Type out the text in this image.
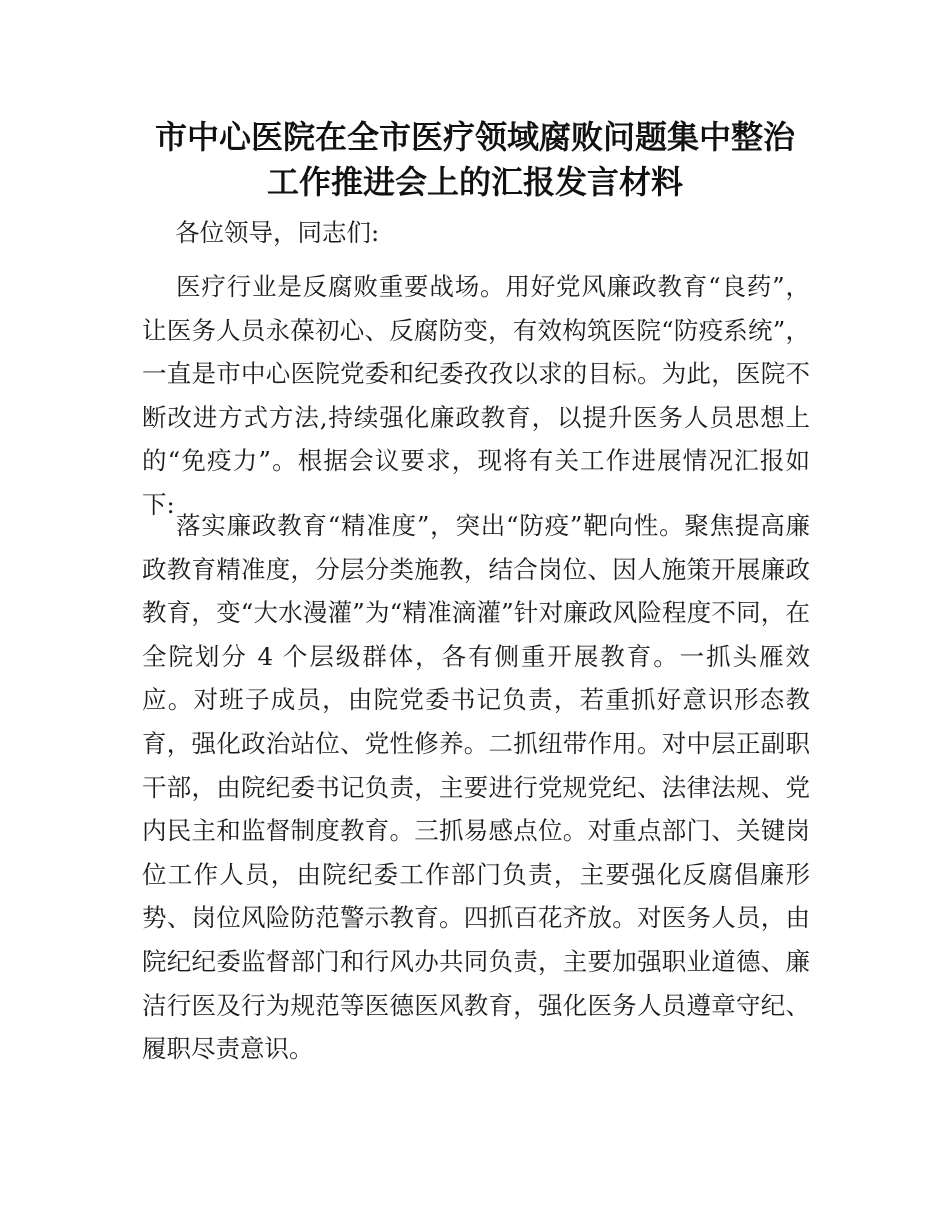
市中心医院在全市医疗领域腐败问题集中整治
工作推进会上的汇报发言材料
各位领导，同志们:
医疗行业是反腐败重要战场。用好党风廉政教育“良药”，让医务人员永葆初心、反腐防变，有效构筑医院“防疫系统”，一直是市中心医院党委和纪委孜孜以求的目标。为此，医院不断改进方式方法,持续强化廉政教育，以提升医务人员思想上的“免疫力”。根据会议要求，现将有关工作进展情况汇报如下:
落实廉政教育“精准度”，突出“防疫”靶向性。聚焦提高廉政教育精准度，分层分类施教，结合岗位、因人施策开展廉政教育，变“大水漫灌”为“精准滴灌”针对廉政风险程度不同，在全院划分 4 个层级群体，各有侧重开展教育。一抓头雁效应。对班子成员，由院党委书记负责，若重抓好意识形态教育，强化政治站位、党性修养。二抓纽带作用。对中层正副职干部，由院纪委书记负责，主要进行党规党纪、法律法规、党内民主和监督制度教育。三抓易感点位。对重点部门、关键岗位工作人员，由院纪委工作部门负责，主要强化反腐倡廉形势、岗位风险防范警示教育。四抓百花齐放。对医务人员，由院纪纪委监督部门和行风办共同负责，主要加强职业道德、廉洁行医及行为规范等医德医风教育，强化医务人员遵章守纪、履职尽责意识。
